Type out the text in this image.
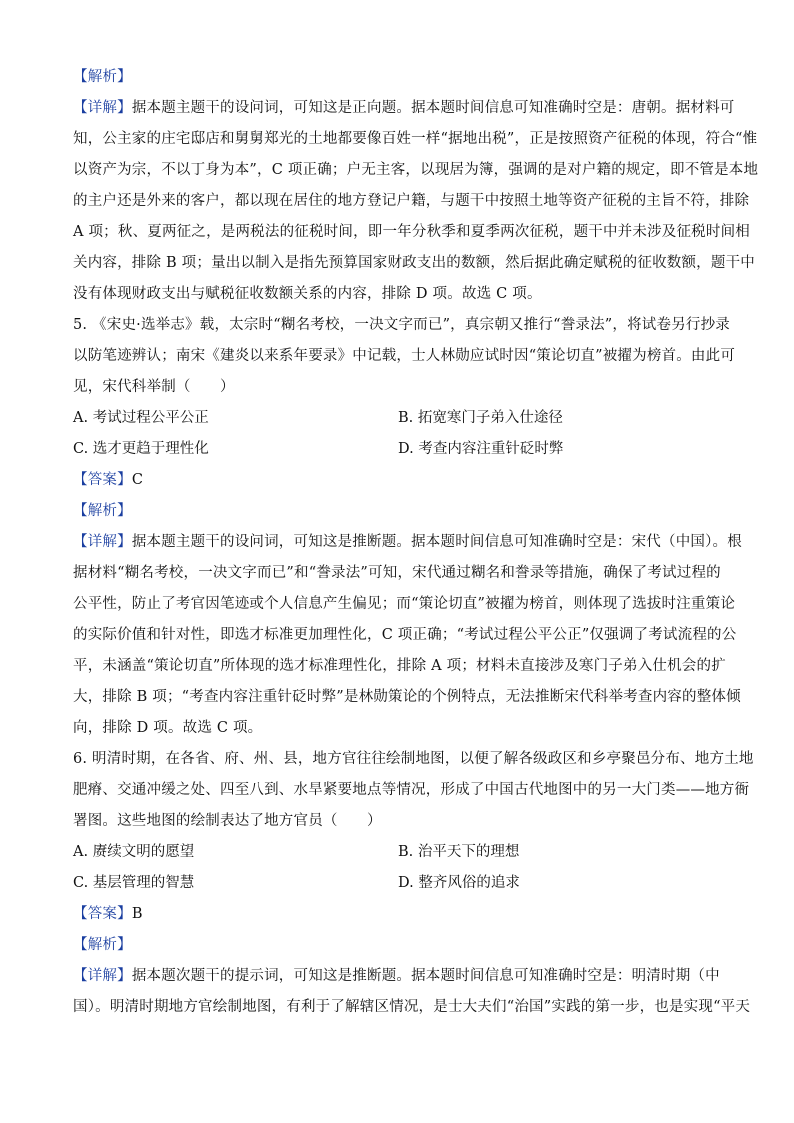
【解析】
【详解】据本题主题干的设问词，可知这是正向题。据本题时间信息可知准确时空是：唐朝。据材料可
知，公主家的庄宅邸店和舅舅郑光的土地都要像百姓一样“据地出税”，正是按照资产征税的体现，符合“惟
以资产为宗，不以丁身为本”，C 项正确；户无主客，以现居为簿，强调的是对户籍的规定，即不管是本地
的主户还是外来的客户，都以现在居住的地方登记户籍，与题干中按照土地等资产征税的主旨不符，排除
A 项；秋、夏两征之，是两税法的征税时间，即一年分秋季和夏季两次征税，题干中并未涉及征税时间相
关内容，排除 B 项；量出以制入是指先预算国家财政支出的数额，然后据此确定赋税的征收数额，题干中
没有体现财政支出与赋税征收数额关系的内容，排除 D 项。故选 C 项。
5. 《宋史·选举志》载，太宗时“糊名考校，一决文字而已”，真宗朝又推行“誊录法”，将试卷另行抄录
以防笔迹辨认；南宋《建炎以来系年要录》中记载，士人林勋应试时因“策论切直”被擢为榜首。由此可
见，宋代科举制（　　）
A. 考试过程公平公正	B. 拓宽寒门子弟入仕途径
C. 选才更趋于理性化	D. 考查内容注重针砭时弊
【答案】C
【解析】
【详解】据本题主题干的设问词，可知这是推断题。据本题时间信息可知准确时空是：宋代（中国）。根
据材料“糊名考校，一决文字而已”和“誊录法”可知，宋代通过糊名和誊录等措施，确保了考试过程的
公平性，防止了考官因笔迹或个人信息产生偏见；而“策论切直”被擢为榜首，则体现了选拔时注重策论
的实际价值和针对性，即选才标准更加理性化，C 项正确；“考试过程公平公正”仅强调了考试流程的公
平，未涵盖“策论切直”所体现的选才标准理性化，排除 A 项；材料未直接涉及寒门子弟入仕机会的扩
大，排除 B 项；“考查内容注重针砭时弊”是林勋策论的个例特点，无法推断宋代科举考查内容的整体倾
向，排除 D 项。故选 C 项。
6. 明清时期，在各省、府、州、县，地方官往往绘制地图，以便了解各级政区和乡亭聚邑分布、地方土地
肥瘠、交通冲缓之处、四至八到、水旱紧要地点等情况，形成了中国古代地图中的另一大门类——地方衙
署图。这些地图的绘制表达了地方官员（　　）
A. 赓续文明的愿望	B. 治平天下的理想
C. 基层管理的智慧	D. 整齐风俗的追求
【答案】B
【解析】
【详解】据本题次题干的提示词，可知这是推断题。据本题时间信息可知准确时空是：明清时期（中
国）。明清时期地方官绘制地图，有利于了解辖区情况，是士大夫们“治国”实践的第一步，也是实现“平天
